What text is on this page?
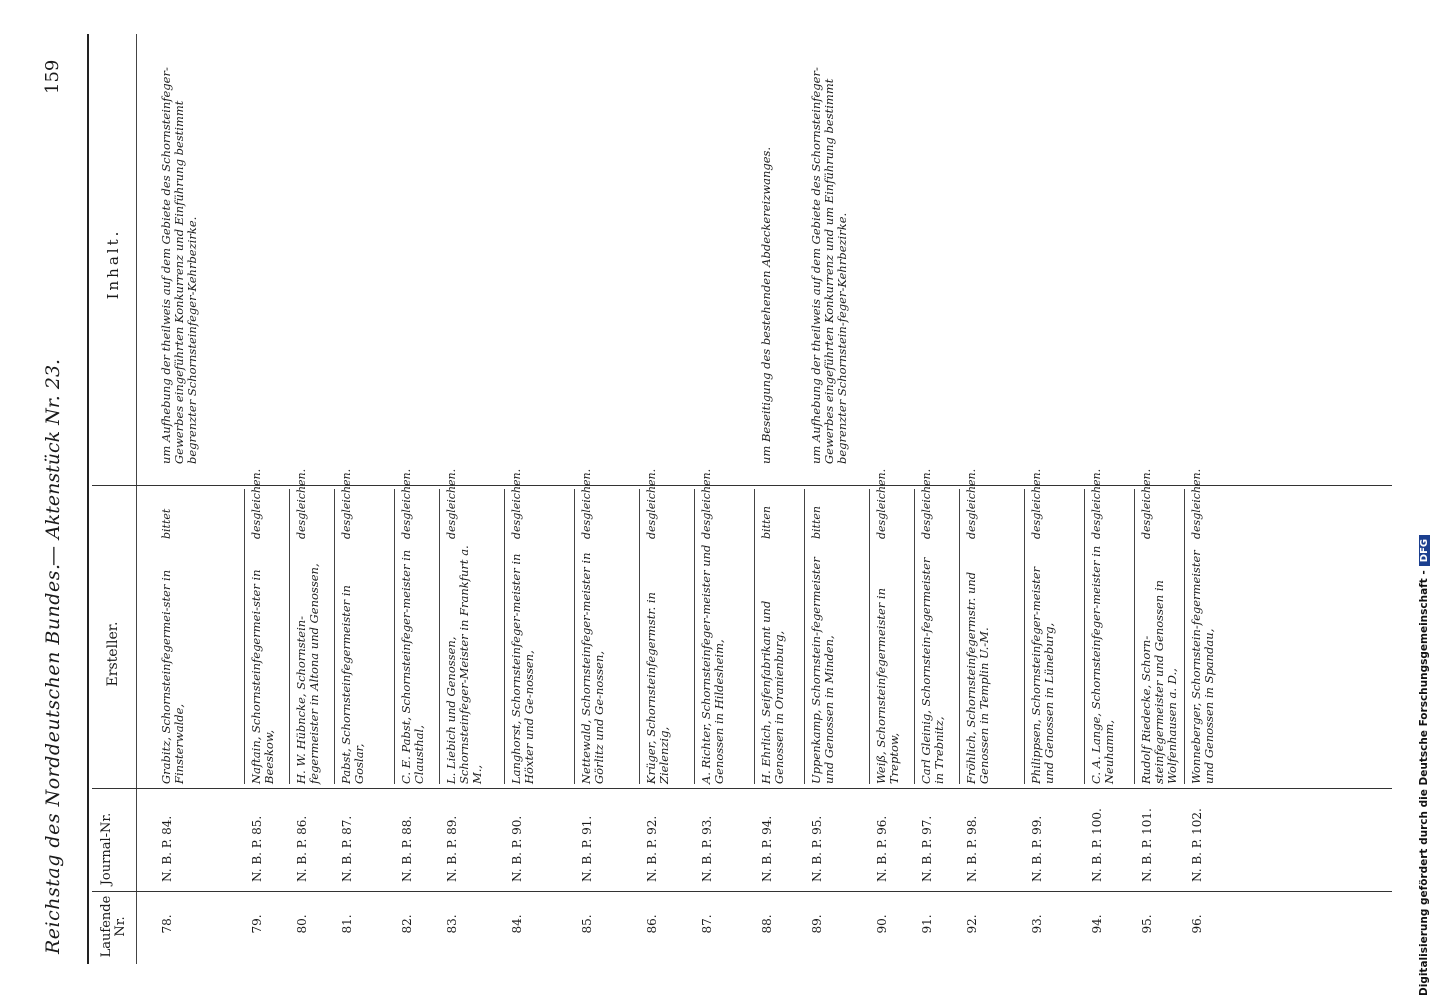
Reichstag des Norddeutschen Bundes.
—
Aktenstück Nr. 23.
159
Laufende Nr.
Journal-Nr.
Ersteller.
Inhalt.
78.
N. B. P. 84.
Grabitz, Schornsteinfegermei-ster in Finsterwalde,
bittet
um Aufhebung der theilweis auf dem Gebiete des Schornsteinfeger-Gewerbes eingeführten Konkurrenz und Einführung bestimmt begrenzter Schornsteinfeger-Kehrbezirke.
79.
N. B. P. 85.
Naftain, Schornsteinfegermei-ster in Beeskow,
desgleichen.
80.
N. B. P. 86.
H. W. Hübncke, Schornstein-fegermeister in Altona und Genossen,
desgleichen.
81.
N. B. P. 87.
Pabst, Schornsteinfegermeister in Goslar,
desgleichen.
82.
N. B. P. 88.
C. E. Pabst, Schornsteinfeger-meister in Clausthal,
desgleichen.
83.
N. B. P. 89.
L. Liebich und Genossen, Schornsteinfeger-Meister in Frankfurt a. M.,
desgleichen.
84.
N. B. P. 90.
Langhorst, Schornsteinfeger-meister in Höxter und Ge-nossen,
desgleichen.
85.
N. B. P. 91.
Nettewald, Schornsteinfeger-meister in Görlitz und Ge-nossen,
desgleichen.
86.
N. B. P. 92.
Krüger, Schornsteinfegermstr. in Zielenzig,
desgleichen.
87.
N. B. P. 93.
A. Richter, Schornsteinfeger-meister und Genossen in Hildesheim,
desgleichen.
88.
N. B. P. 94.
H. Ehrlich, Seifenfabrikant und Genossen in Oranienburg,
bitten
um Beseitigung des bestehenden Abdeckereizwanges.
89.
N. B. P. 95.
Uppenkamp, Schornstein-fegermeister und Genossen in Minden,
bitten
um Aufhebung der theilweis auf dem Gebiete des Schornsteinfeger-Gewerbes eingeführten Konkurrenz und um Einführung bestimmt begrenzter Schornstein-feger-Kehrbezirke.
90.
N. B. P. 96.
Weiß, Schornsteinfegermeister in Treptow,
desgleichen.
91.
N. B. P. 97.
Carl Gleinig, Schornstein-fegermeister in Trebnitz,
desgleichen.
92.
N. B. P. 98.
Fröhlich, Schornsteinfegermstr. und Genossen in Templin U.-M.
desgleichen.
93.
N. B. P. 99.
Philippsen, Schornsteinfeger-meister und Genossen in Lüneburg,
desgleichen.
94.
N. B. P. 100.
C. A. Lange, Schornsteinfeger-meister in Neuhamm,
desgleichen.
95.
N. B. P. 101.
Rudolf Riedecke, Schorn-steinfegermeister und Genossen in Wolfenhausen a. D.,
desgleichen.
96.
N. B. P. 102.
Wonneberger, Schornstein-fegermeister und Genossen in Spandau,
desgleichen.
Digitalisierung gefördert durch die Deutsche Forschungsgemeinschaft -DFG
